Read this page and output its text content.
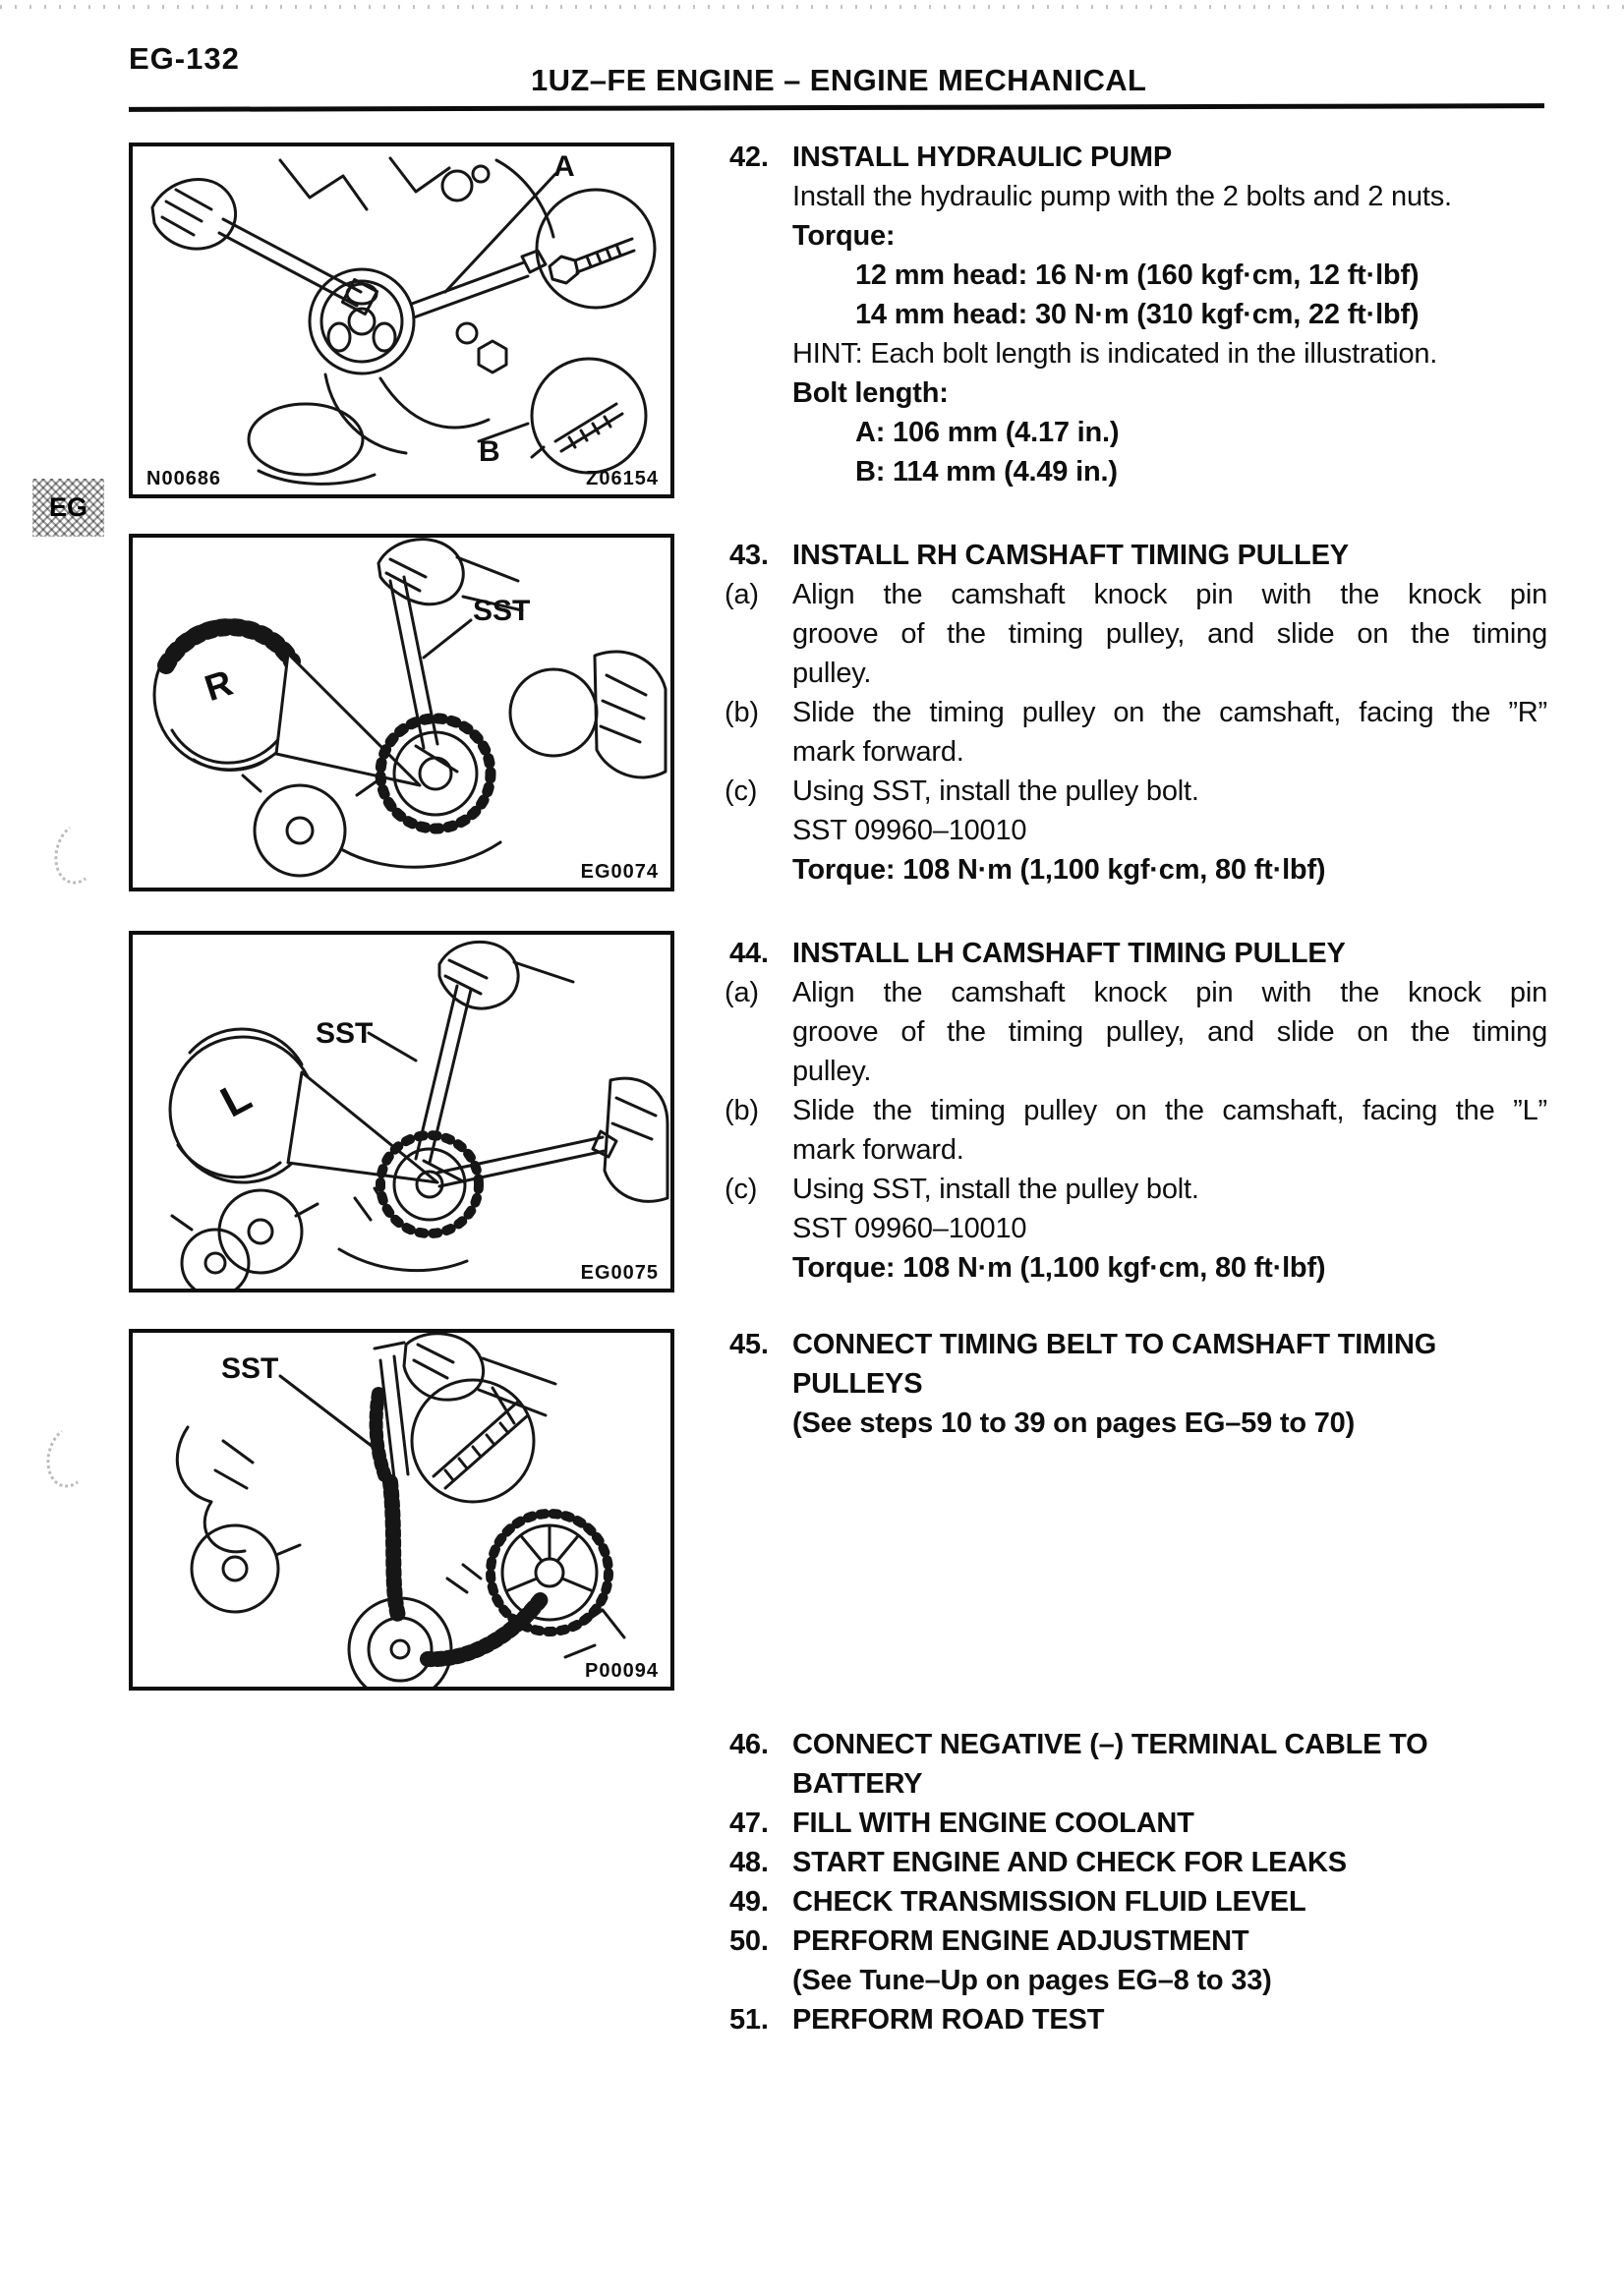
EG-132
1UZ–FE ENGINE – ENGINE MECHANICAL
EG
A
B
N00686	Z06154
SST
R
EG0074
SST
L
EG0075
SST
P00094
42. INSTALL HYDRAULIC PUMP
Install the hydraulic pump with the 2 bolts and 2 nuts.
Torque:
12 mm head: 16 N·m (160 kgf·cm, 12 ft·lbf)
14 mm head: 30 N·m (310 kgf·cm, 22 ft·lbf)
HINT: Each bolt length is indicated in the illustration.
Bolt length:
A: 106 mm (4.17 in.)
B: 114 mm (4.49 in.)
43. INSTALL RH CAMSHAFT TIMING PULLEY
(a) Align the camshaft knock pin with the knock pin
groove of the timing pulley, and slide on the timing
pulley.
(b) Slide the timing pulley on the camshaft, facing the ”R”
mark forward.
(c) Using SST, install the pulley bolt.
SST 09960–10010
Torque: 108 N·m (1,100 kgf·cm, 80 ft·lbf)
44. INSTALL LH CAMSHAFT TIMING PULLEY
(a) Align the camshaft knock pin with the knock pin
groove of the timing pulley, and slide on the timing
pulley.
(b) Slide the timing pulley on the camshaft, facing the ”L”
mark forward.
(c) Using SST, install the pulley bolt.
SST 09960–10010
Torque: 108 N·m (1,100 kgf·cm, 80 ft·lbf)
45. CONNECT TIMING BELT TO CAMSHAFT TIMING
PULLEYS
(See steps 10 to 39 on pages EG–59 to 70)
46. CONNECT NEGATIVE (–) TERMINAL CABLE TO
BATTERY
47. FILL WITH ENGINE COOLANT
48. START ENGINE AND CHECK FOR LEAKS
49. CHECK TRANSMISSION FLUID LEVEL
50. PERFORM ENGINE ADJUSTMENT
(See Tune–Up on pages EG–8 to 33)
51. PERFORM ROAD TEST
